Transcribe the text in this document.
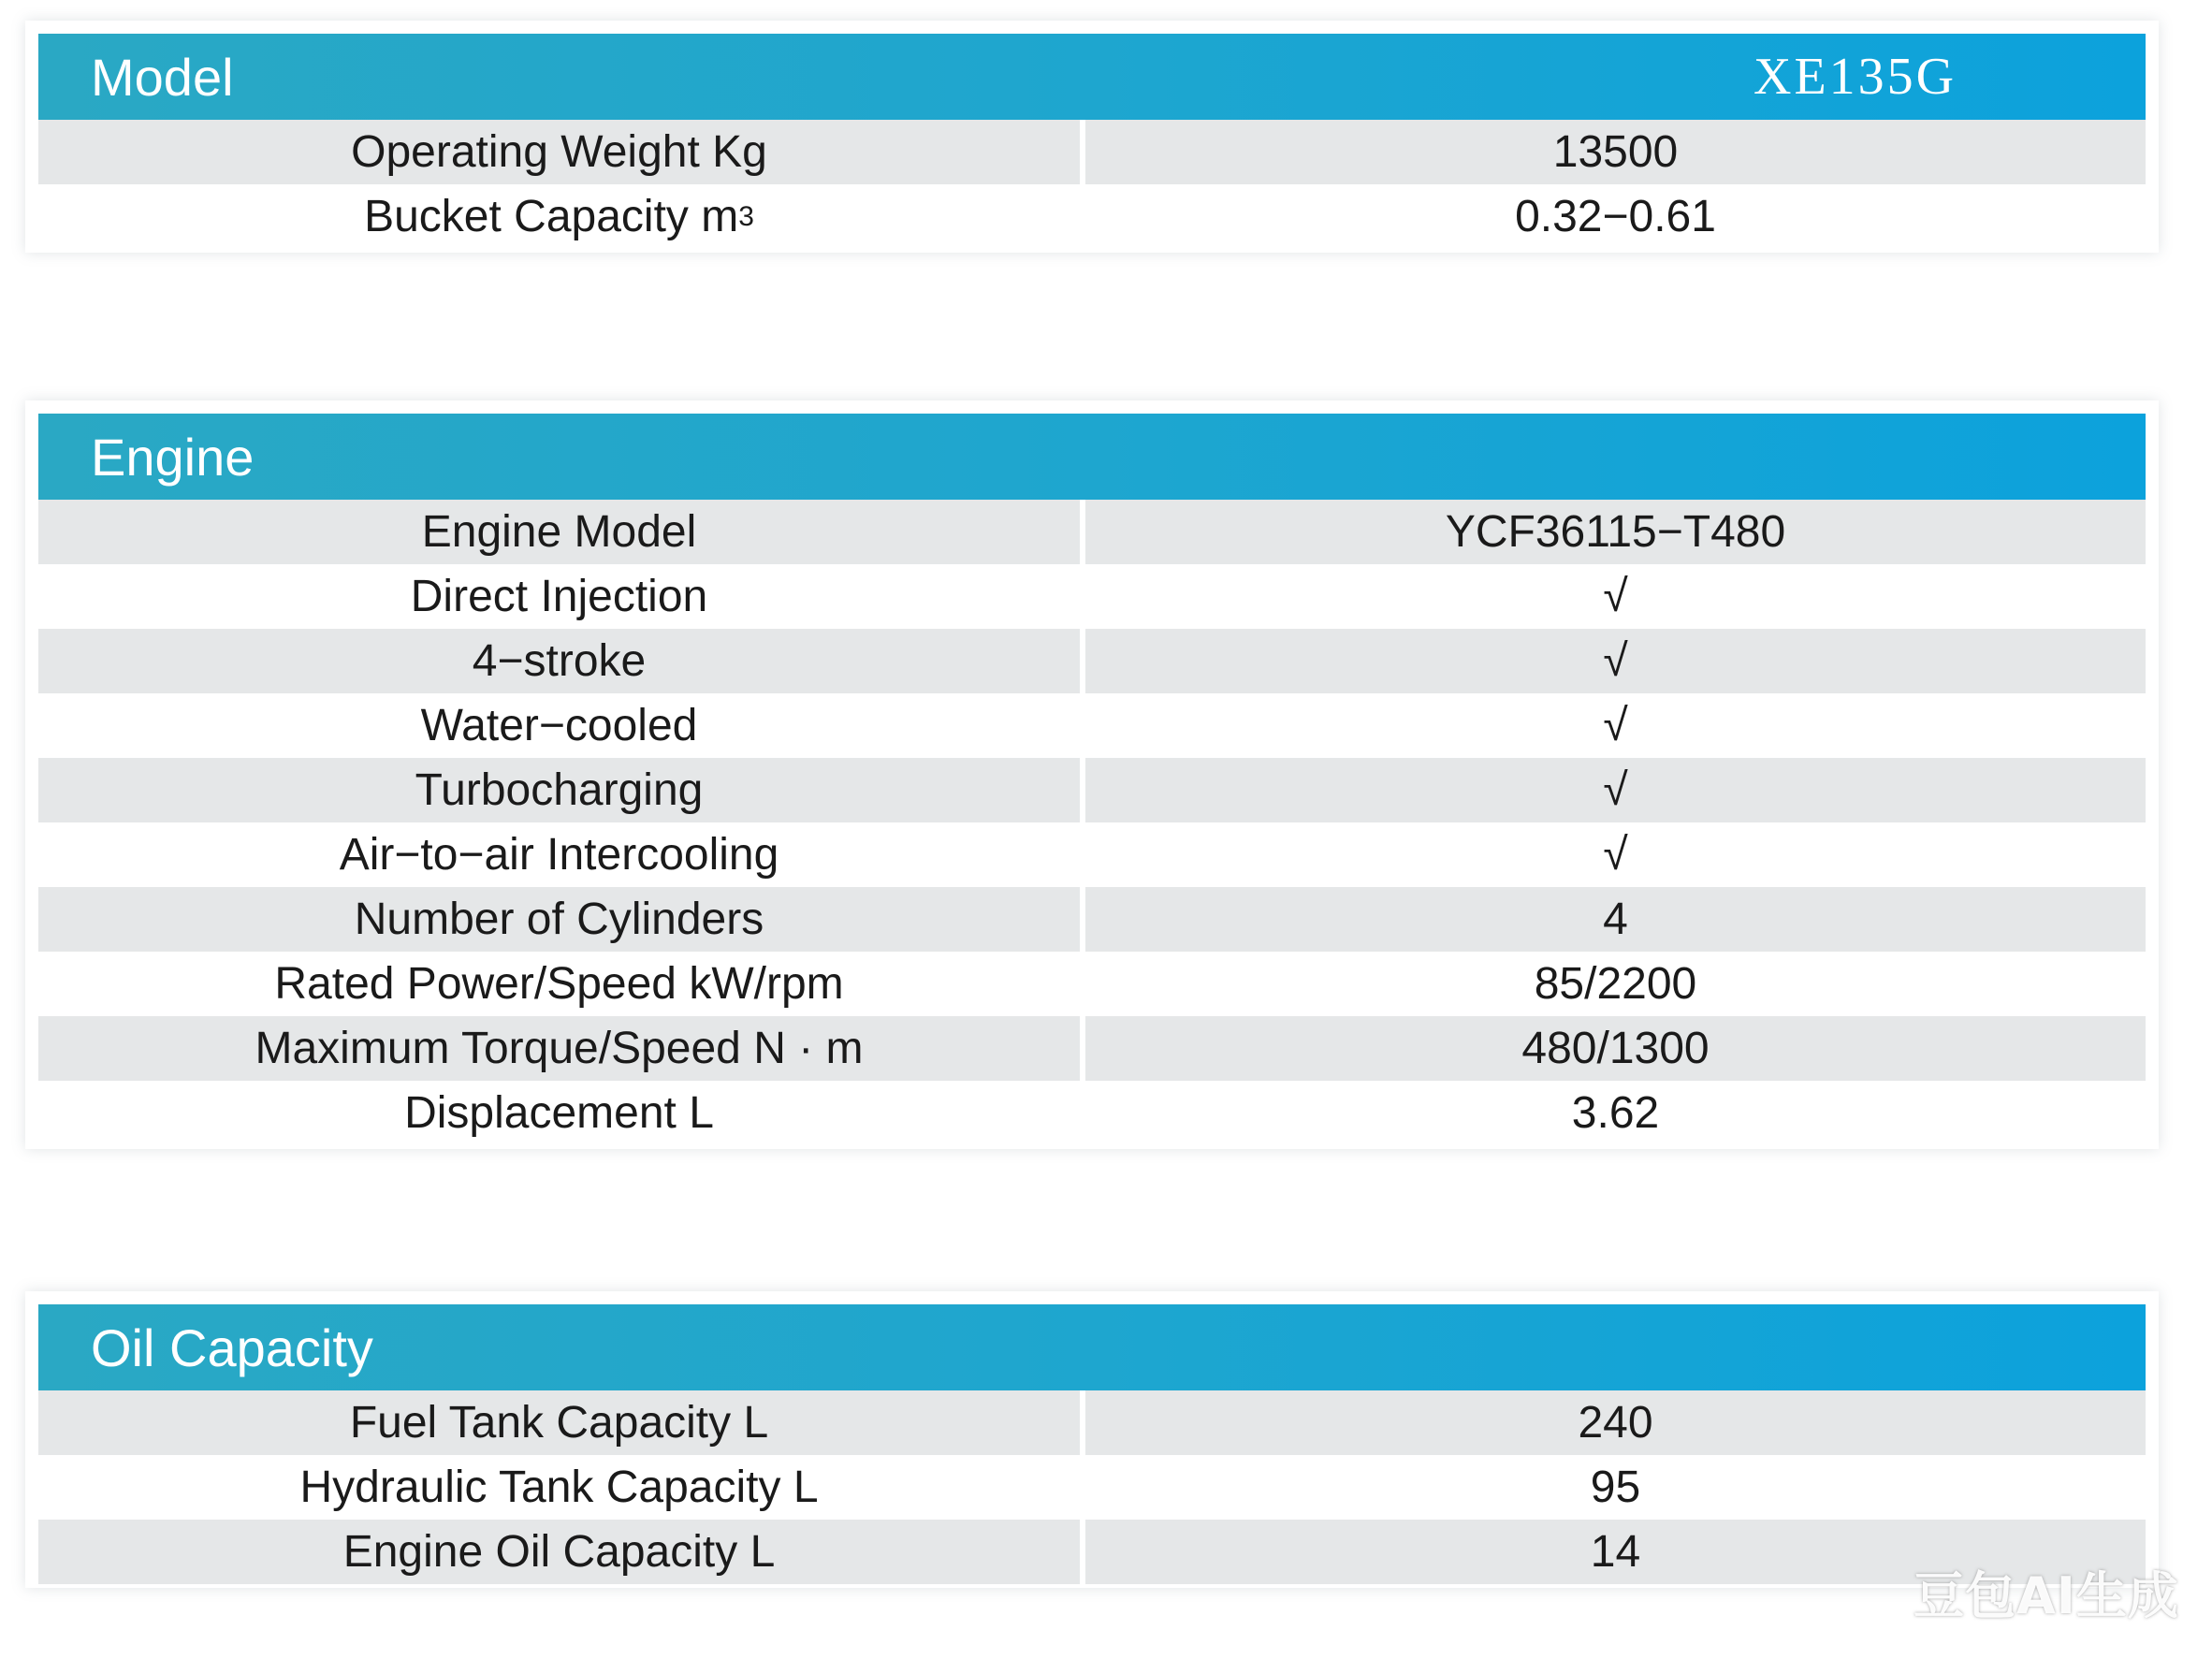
Model	XE135G
Operating Weight Kg	13500
Bucket Capacity m 3	0.32−0.61
Engine
Engine Model	YCF36115−T480
Direct Injection	√
4−stroke	√
Water−cooled	√
Turbocharging	√
Air−to−air Intercooling	√
Number of Cylinders	4
Rated Power/Speed kW/rpm	85/2200
Maximum Torque/Speed N · m	480/1300
Displacement L	3.62
Oil Capacity
Fuel Tank Capacity L	240
Hydraulic Tank Capacity L	95
Engine Oil Capacity L	14
豆包AI生成
